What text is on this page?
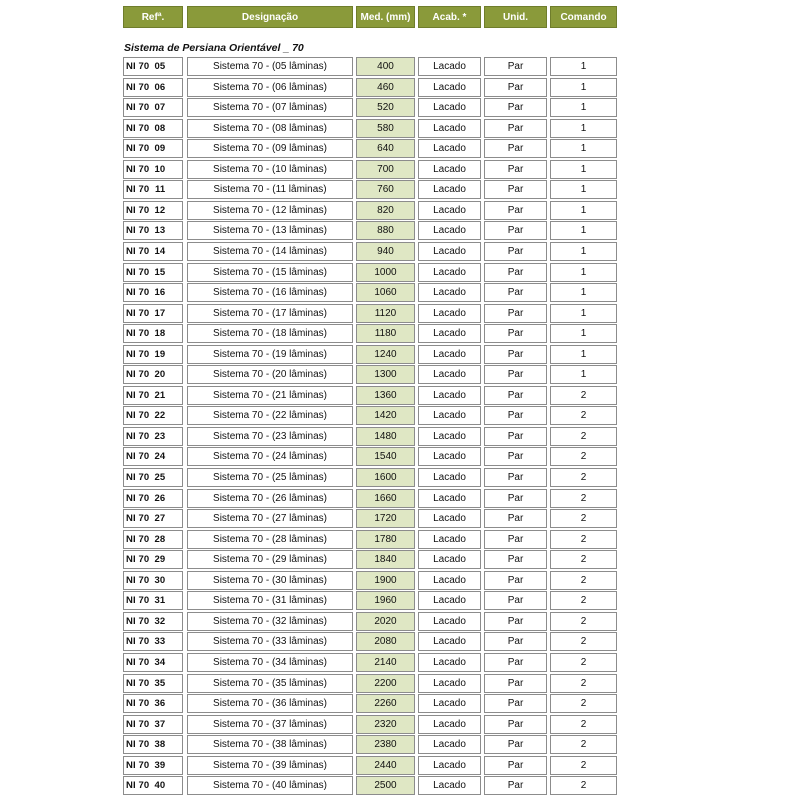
Refª.	Designação	Med. (mm)	Acab. *	Unid.	Comando
Sistema de Persiana Orientável _ 70
NI 70 05	Sistema 70 - (05 lâminas)	400	Lacado	Par	1
NI 70 06	Sistema 70 - (06 lâminas)	460	Lacado	Par	1
NI 70 07	Sistema 70 - (07 lâminas)	520	Lacado	Par	1
NI 70 08	Sistema 70 - (08 lâminas)	580	Lacado	Par	1
NI 70 09	Sistema 70 - (09 lâminas)	640	Lacado	Par	1
NI 70 10	Sistema 70 - (10 lâminas)	700	Lacado	Par	1
NI 70 11	Sistema 70 - (11 lâminas)	760	Lacado	Par	1
NI 70 12	Sistema 70 - (12 lâminas)	820	Lacado	Par	1
NI 70 13	Sistema 70 - (13 lâminas)	880	Lacado	Par	1
NI 70 14	Sistema 70 - (14 lâminas)	940	Lacado	Par	1
NI 70 15	Sistema 70 - (15 lâminas)	1000	Lacado	Par	1
NI 70 16	Sistema 70 - (16 lâminas)	1060	Lacado	Par	1
NI 70 17	Sistema 70 - (17 lâminas)	1120	Lacado	Par	1
NI 70 18	Sistema 70 - (18 lâminas)	1180	Lacado	Par	1
NI 70 19	Sistema 70 - (19 lâminas)	1240	Lacado	Par	1
NI 70 20	Sistema 70 - (20 lâminas)	1300	Lacado	Par	1
NI 70 21	Sistema 70 - (21 lâminas)	1360	Lacado	Par	2
NI 70 22	Sistema 70 - (22 lâminas)	1420	Lacado	Par	2
NI 70 23	Sistema 70 - (23 lâminas)	1480	Lacado	Par	2
NI 70 24	Sistema 70 - (24 lâminas)	1540	Lacado	Par	2
NI 70 25	Sistema 70 - (25 lâminas)	1600	Lacado	Par	2
NI 70 26	Sistema 70 - (26 lâminas)	1660	Lacado	Par	2
NI 70 27	Sistema 70 - (27 lâminas)	1720	Lacado	Par	2
NI 70 28	Sistema 70 - (28 lâminas)	1780	Lacado	Par	2
NI 70 29	Sistema 70 - (29 lâminas)	1840	Lacado	Par	2
NI 70 30	Sistema 70 - (30 lâminas)	1900	Lacado	Par	2
NI 70 31	Sistema 70 - (31 lâminas)	1960	Lacado	Par	2
NI 70 32	Sistema 70 - (32 lâminas)	2020	Lacado	Par	2
NI 70 33	Sistema 70 - (33 lâminas)	2080	Lacado	Par	2
NI 70 34	Sistema 70 - (34 lâminas)	2140	Lacado	Par	2
NI 70 35	Sistema 70 - (35 lâminas)	2200	Lacado	Par	2
NI 70 36	Sistema 70 - (36 lâminas)	2260	Lacado	Par	2
NI 70 37	Sistema 70 - (37 lâminas)	2320	Lacado	Par	2
NI 70 38	Sistema 70 - (38 lâminas)	2380	Lacado	Par	2
NI 70 39	Sistema 70 - (39 lâminas)	2440	Lacado	Par	2
NI 70 40	Sistema 70 - (40 lâminas)	2500	Lacado	Par	2
